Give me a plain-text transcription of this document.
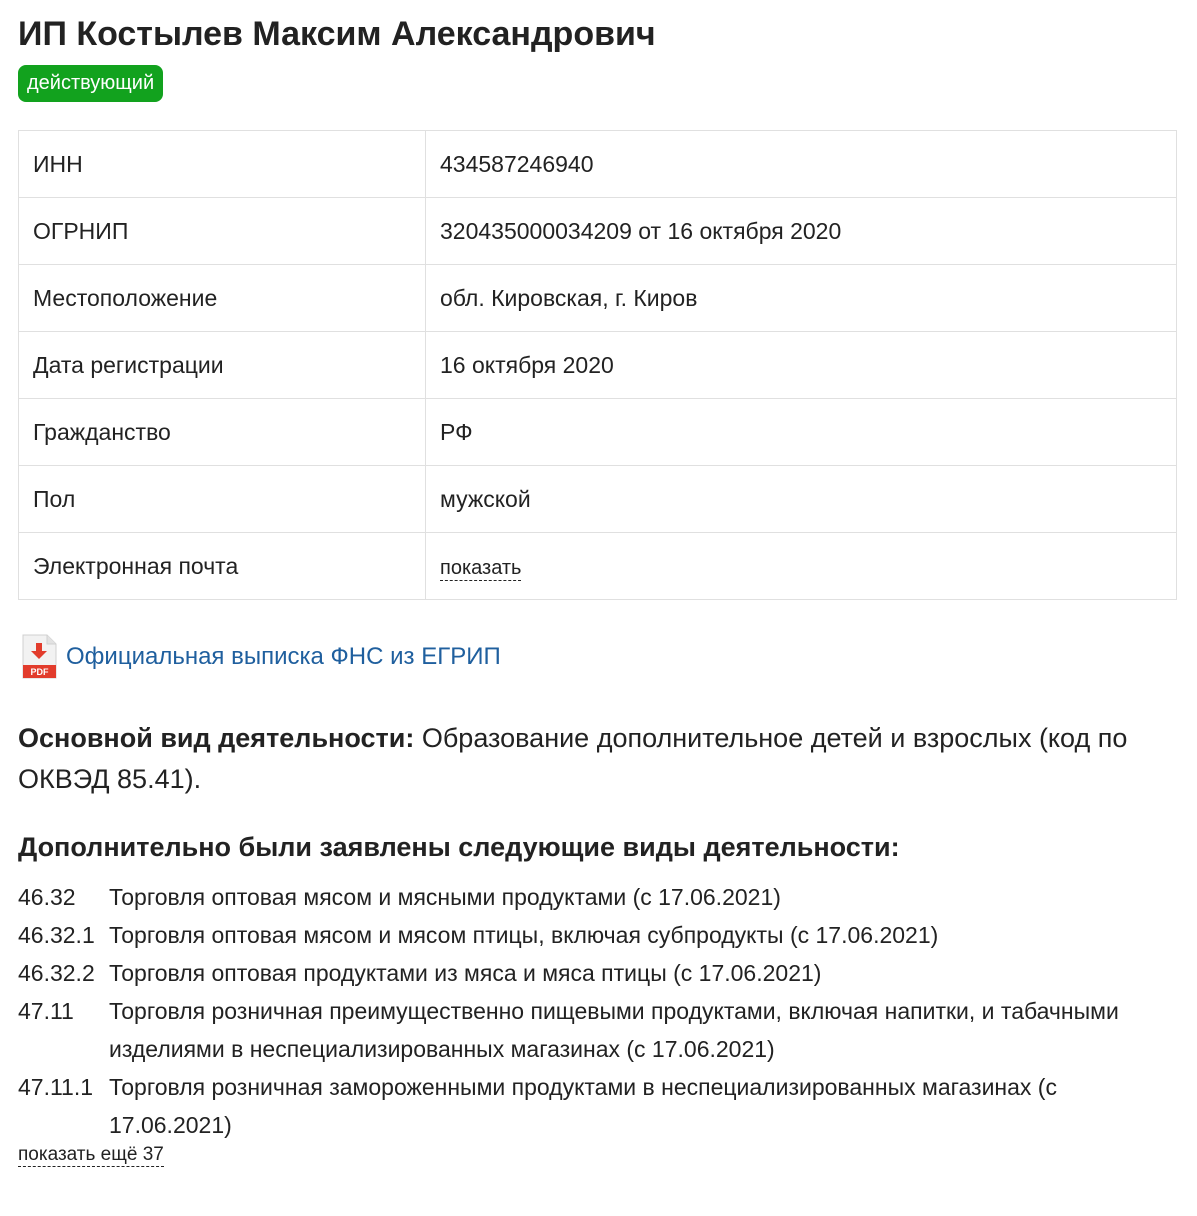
ИП Костылев Максим Александрович
действующий
ИНН	434587246940
ОГРНИП	320435000034209 от 16 октября 2020
Местоположение	обл. Кировская, г. Киров
Дата регистрации	16 октября 2020
Гражданство	РФ
Пол	мужской
Электронная почта	показать
PDF
Официальная выписка ФНС из ЕГРИП
Основной вид деятельности: Образование дополнительное детей и взрослых (код по ОКВЭД 85.41).
Дополнительно были заявлены следующие виды деятельности:
46.32	Торговля оптовая мясом и мясными продуктами (с 17.06.2021)
46.32.1 Торговля оптовая мясом и мясом птицы, включая субпродукты (с 17.06.2021)
46.32.2 Торговля оптовая продуктами из мяса и мяса птицы (с 17.06.2021)
47.11	Торговля розничная преимущественно пищевыми продуктами, включая напитки, и табачными изделиями в неспециализированных магазинах (с 17.06.2021)
47.11.1 Торговля розничная замороженными продуктами в неспециализированных магазинах (с 17.06.2021)
показать ещё 37
